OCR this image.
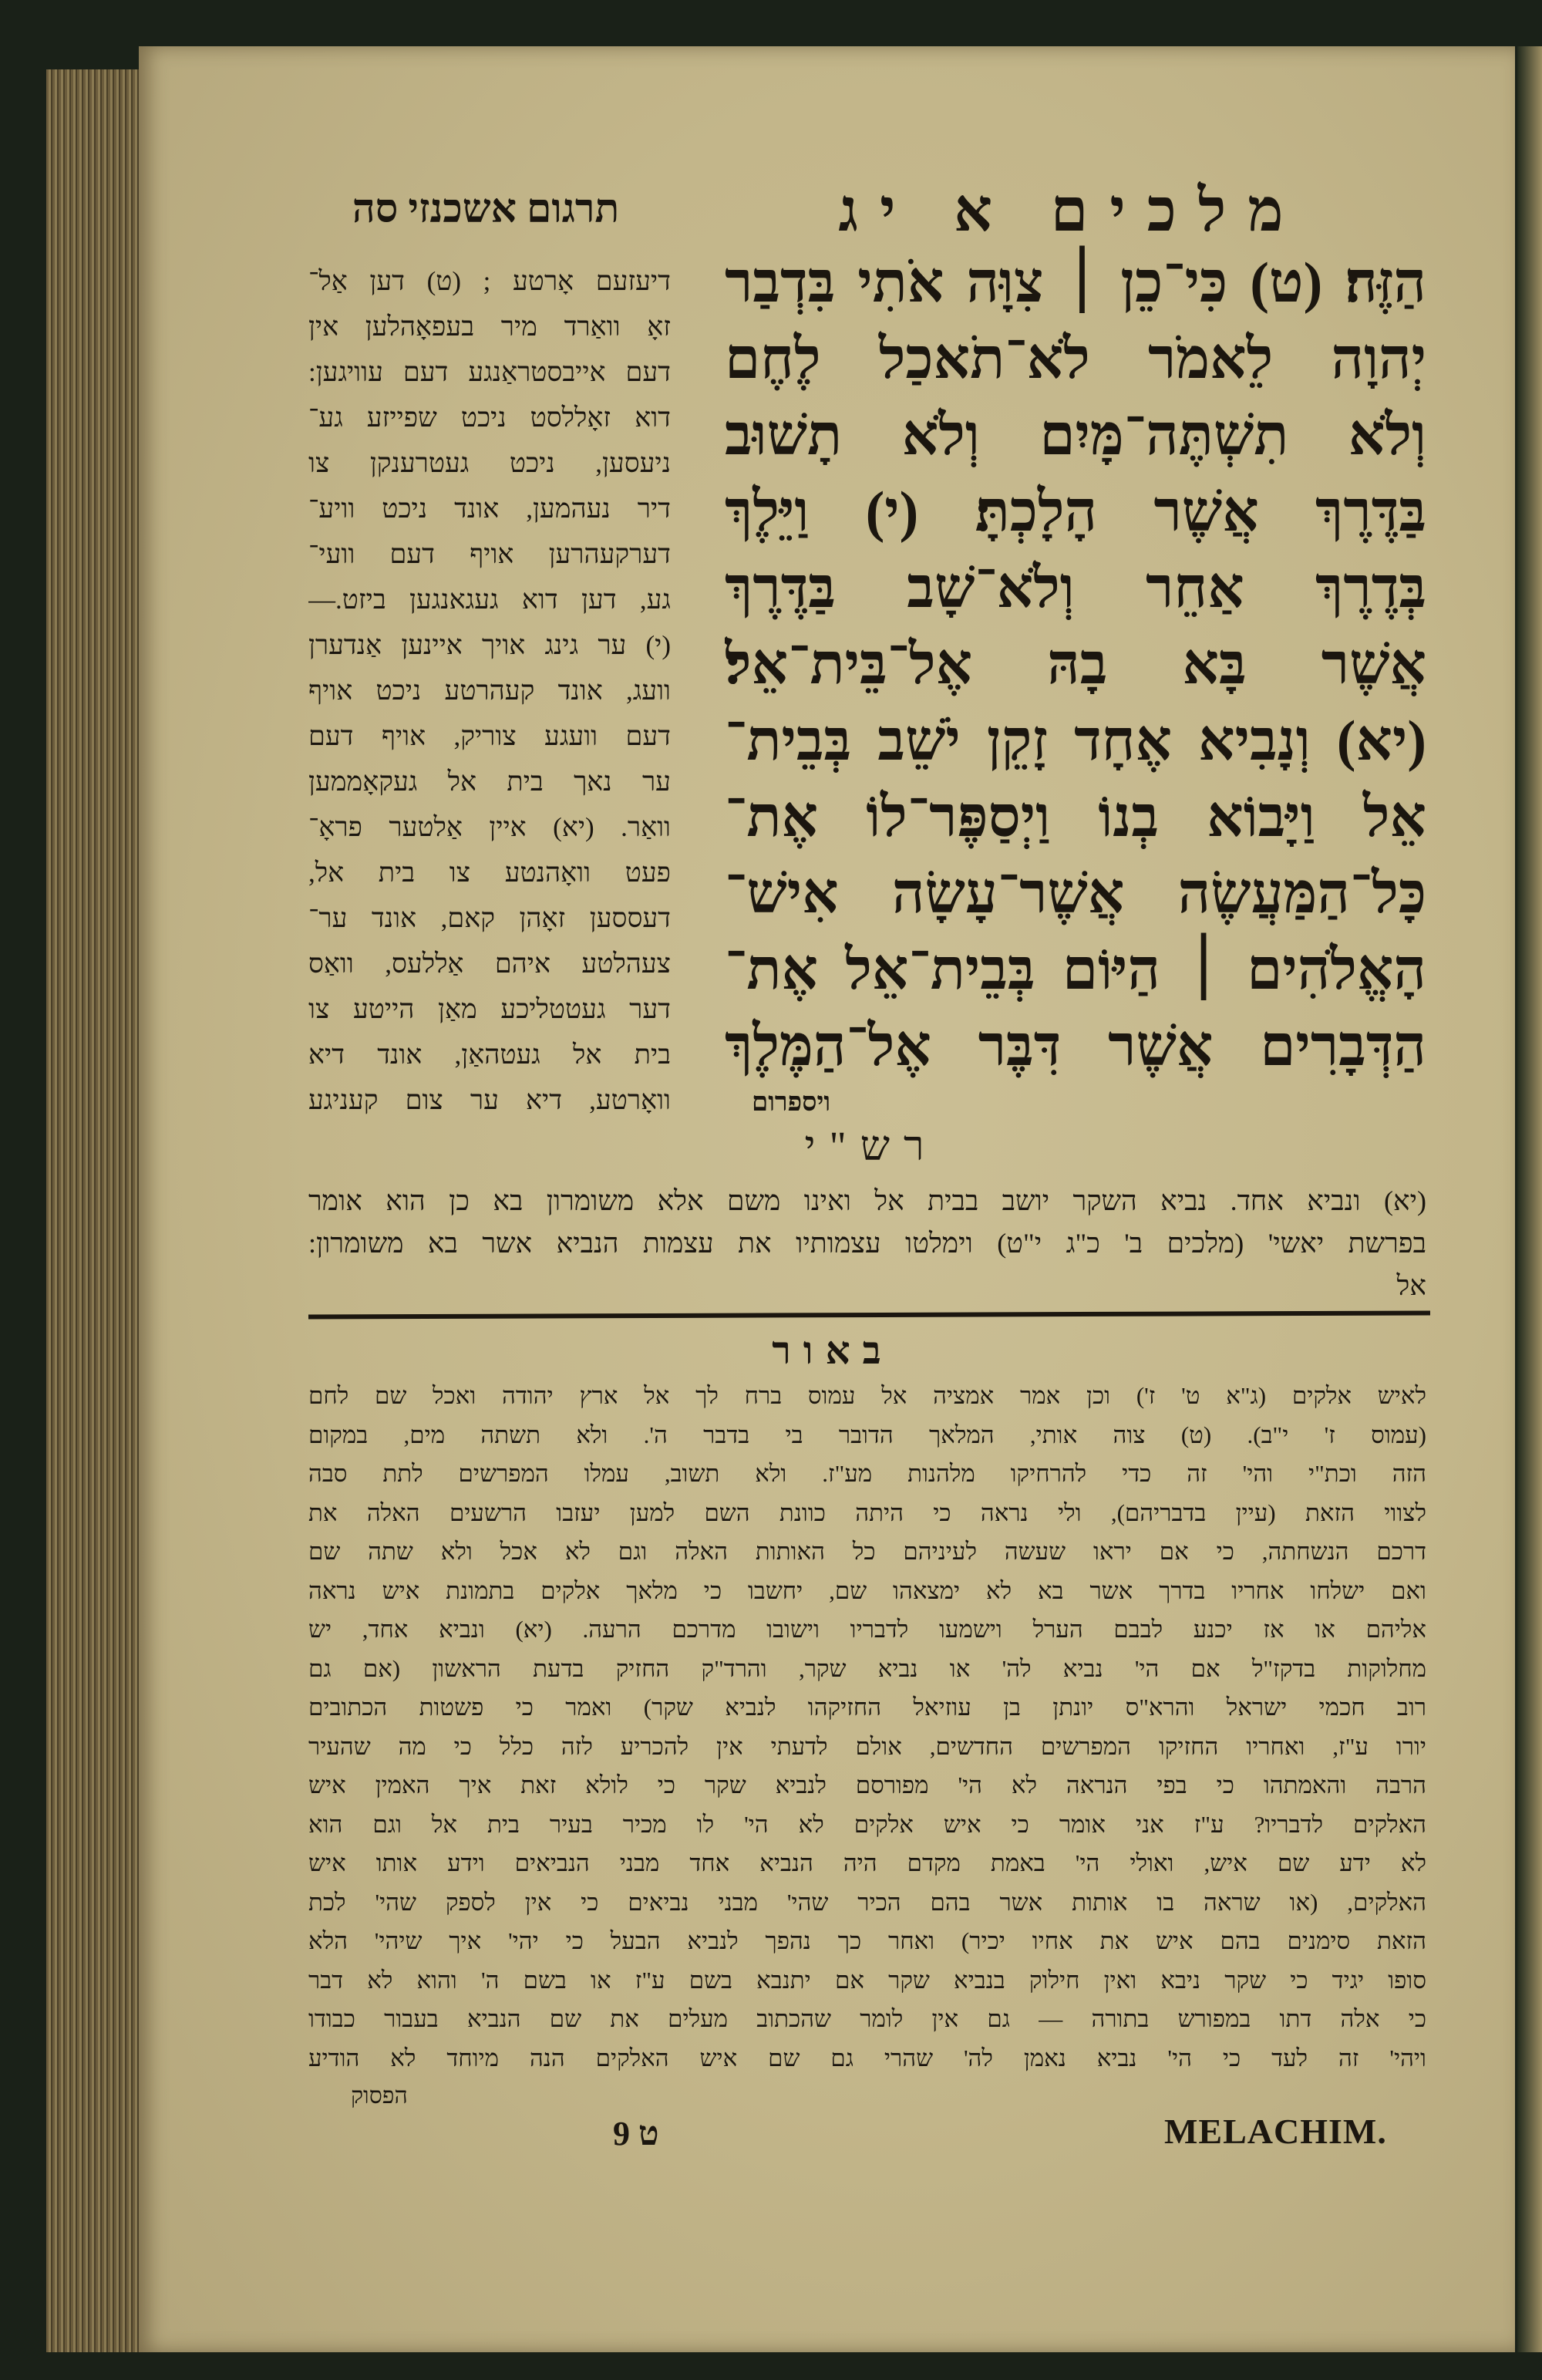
מלכים א יג
תרגום אשכנזי סה
הַזֶּה׃ (ט) כִּי־כֵן ׀ צִוָּה אֹתִי בִּדְבַר
יְהוָה לֵאמֹר לֹא־תֹאכַל לֶחֶם
וְלֹא תִשְׁתֶּה־מָּיִם וְלֹא תָשׁוּב
בַּדֶּרֶךְ אֲשֶׁר הָלָכְתָּ׃ (י) וַיֵּלֶךְ
בְּדֶרֶךְ אַחֵר וְלֹא־שָׁב בַּדֶּרֶךְ
אֲשֶׁר בָּא בָהּ אֶל־בֵּית־אֵל׃
(יא) וְנָבִיא אֶחָד זָקֵן יֹשֵׁב בְּבֵית־
אֵל וַיָּבוֹא בְנוֹ וַיְסַפֶּר־לוֹ אֶת־
כָּל־הַמַּעֲשֶׂה אֲשֶׁר־עָשָׂה אִישׁ־
הָאֱלֹהִים ׀ הַיּוֹם בְּבֵית־אֵל אֶת־
הַדְּבָרִים אֲשֶׁר דִּבֶּר אֶל־הַמֶּלֶךְ
ויספרום
דיעזעם אָרטע ; (ט) דען אַל־
זאָ וואַרד מיר בעפאָהלען אין
דעם אייבסטראַנגע דעם עוויגען:
דוא זאָללסט ניכט שפייזע גע־
ניעסען, ניכט געטרענקן צו
דיר נעהמען, אונד ניכט וויע־
דערקעהרען אויף דעם וועי־
גע, דען דוא געגאנגען ביזט.—
(י) ער גינג אויך איינען אַנדערן
וועג, אונד קעהרטע ניכט אויף
דעם וועגע צוריק, אויף דעם
ער נאך בית אל געקאָממען
וואַר. (יא) איין אַלטער פראָ־
פעט וואָהנטע צו בית אל,
דעססען זאָהן קאם, אונד ער־
צעהלטע איהם אַללעס, וואַס
דער געטטליכע מאַן הייטע צו
בית אל געטהאַן, אונד דיא
וואָרטע, דיא ער צום קעניגע
רש"י
(יא) ונביא אחד. נביא השקר יושב בבית אל ואינו משם אלא משומרון בא כן הוא אומר
בפרשת יאשי' (מלכים ב' כ"ג י"ט) וימלטו עצמותיו את עצמות הנביא אשר בא משומרון:
אל
באור
לאיש אלקים (ג"א ט' ז') וכן אמר אמציה אל עמוס ברח לך אל ארץ יהודה ואכל שם לחם
(עמוס ז' י"ב). (ט) צוה אותי, המלאך הדובר בי בדבר ה'. ולא תשתה מים, במקום
הזה וכת"י והי' זה כדי להרחיקו מלהנות מע"ז. ולא תשוב, עמלו המפרשים לתת סבה
לצווי הזאת (עיין בדבריהם), ולי נראה כי היתה כוונת השם למען יעזבו הרשעים האלה את
דרכם הנשחתה, כי אם יראו שעשה לעיניהם כל האותות האלה וגם לא אכל ולא שתה שם
ואם ישלחו אחריו בדרך אשר בא לא ימצאהו שם, יחשבו כי מלאך אלקים בתמונת איש נראה
אליהם או אז יכנע לבבם הערל וישמעו לדבריו וישובו מדרכם הרעה. (יא) ונביא אחד, יש
מחלוקות בדקז"ל אם הי' נביא לה' או נביא שקר, והרד"ק החזיק בדעת הראשון (אם גם
רוב חכמי ישראל והרא"ס יונתן בן עוזיאל החזיקהו לנביא שקר) ואמר כי פשטות הכתובים
יורו ע"ז, ואחריו החזיקו המפרשים החדשים, אולם לדעתי אין להכריע לזה כלל כי מה שהעיר
הרבה והאמתהו כי בפי הנראה לא הי' מפורסם לנביא שקר כי לולא זאת איך האמין איש
האלקים לדבריו? ע"ז אני אומר כי איש אלקים לא הי' לו מכיר בעיר בית אל וגם הוא
לא ידע שם איש, ואולי הי' באמת מקדם היה הנביא אחד מבני הנביאים וידע אותו איש
האלקים, (או שראה בו אותות אשר בהם הכיר שהי' מבני נביאים כי אין לספק שהי' לכת
הזאת סימנים בהם איש את אחיו יכיר) ואחר כך נהפך לנביא הבעל כי יהי' איך שיהי' הלא
סופו יגיד כי שקר ניבא ואין חילוק בנביא שקר אם יתנבא בשם ע"ז או בשם ה' והוא לא דבר
כי אלה דתו במפורש בתורה — גם אין לומר שהכתוב מעלים את שם הנביא בעבור כבודו
ויהי' זה לעד כי הי' נביא נאמן לה' שהרי גם שם איש האלקים הנה מיוחד לא הודיע
הפסוק
ט 9	MELACHIM.
